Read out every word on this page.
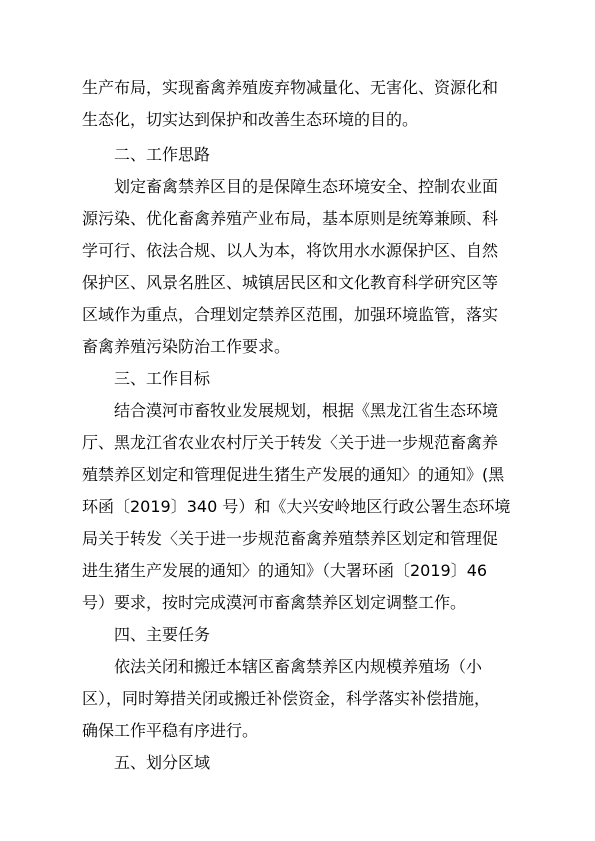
生产布局，实现畜禽养殖废弃物减量化、无害化、资源化和
生态化，切实达到保护和改善生态环境的目的。
二、工作思路
划定畜禽禁养区目的是保障生态环境安全、控制农业面
源污染、优化畜禽养殖产业布局，基本原则是统筹兼顾、科
学可行、依法合规、以人为本，将饮用水水源保护区、自然
保护区、风景名胜区、城镇居民区和文化教育科学研究区等
区域作为重点，合理划定禁养区范围，加强环境监管，落实
畜禽养殖污染防治工作要求。
三、工作目标
结合漠河市畜牧业发展规划，根据《黑龙江省生态环境
厅、黑龙江省农业农村厅关于转发〈关于进一步规范畜禽养
殖禁养区划定和管理促进生猪生产发展的通知〉的通知》(黑
环函〔2019〕340 号）和《大兴安岭地区行政公署生态环境
局关于转发〈关于进一步规范畜禽养殖禁养区划定和管理促
进生猪生产发展的通知〉的通知》（大署环函〔2019〕46
号）要求，按时完成漠河市畜禽禁养区划定调整工作。
四、主要任务
依法关闭和搬迁本辖区畜禽禁养区内规模养殖场（小
区），同时筹措关闭或搬迁补偿资金，科学落实补偿措施，
确保工作平稳有序进行。
五、划分区域
